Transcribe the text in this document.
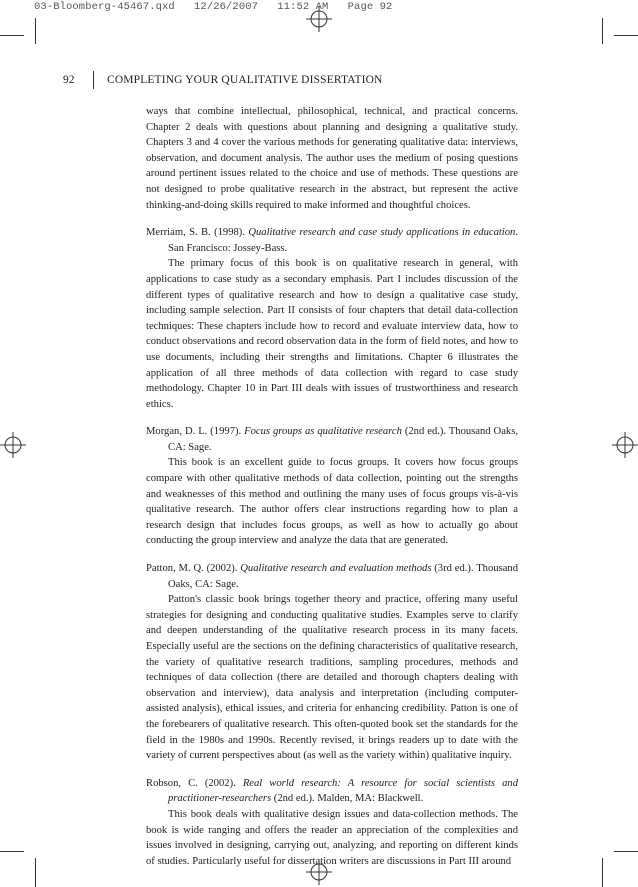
03-Bloomberg-45467.qxd   12/26/2007   11:52 AM   Page 92
92	COMPLETING YOUR QUALITATIVE DISSERTATION

ways that combine intellectual, philosophical, technical, and practical concerns. Chapter 2 deals with questions about planning and designing a qualitative study. Chapters 3 and 4 cover the various methods for generating qualitative data: interviews, observation, and document analysis. The author uses the medium of posing questions around pertinent issues related to the choice and use of methods. These questions are not designed to probe qualitative research in the abstract, but represent the active thinking-and-doing skills required to make informed and thoughtful choices.

Merriam, S. B. (1998). Qualitative research and case study applications in education. San Francisco: Jossey-Bass.

The primary focus of this book is on qualitative research in general, with applications to case study as a secondary emphasis. Part I includes discussion of the different types of qualitative research and how to design a qualitative case study, including sample selection. Part II consists of four chapters that detail data-collection techniques: These chapters include how to record and evaluate interview data, how to conduct observations and record observation data in the form of field notes, and how to use documents, including their strengths and limitations. Chapter 6 illustrates the application of all three methods of data collection with regard to case study methodology. Chapter 10 in Part III deals with issues of trustworthiness and research ethics.

Morgan, D. L. (1997). Focus groups as qualitative research (2nd ed.). Thousand Oaks, CA: Sage.

This book is an excellent guide to focus groups. It covers how focus groups compare with other qualitative methods of data collection, pointing out the strengths and weaknesses of this method and outlining the many uses of focus groups vis-à-vis qualitative research. The author offers clear instructions regarding how to plan a research design that includes focus groups, as well as how to actually go about conducting the group interview and analyze the data that are generated.

Patton, M. Q. (2002). Qualitative research and evaluation methods (3rd ed.). Thousand Oaks, CA: Sage.

Patton's classic book brings together theory and practice, offering many useful strategies for designing and conducting qualitative studies. Examples serve to clarify and deepen understanding of the qualitative research process in its many facets. Especially useful are the sections on the defining characteristics of qualitative research, the variety of qualitative research traditions, sampling procedures, methods and techniques of data collection (there are detailed and thorough chapters dealing with observation and interview), data analysis and interpretation (including computer-assisted analysis), ethical issues, and criteria for enhancing credibility. Patton is one of the forebearers of qualitative research. This often-quoted book set the standards for the field in the 1980s and 1990s. Recently revised, it brings readers up to date with the variety of current perspectives about (as well as the variety within) qualitative inquiry.

Robson, C. (2002). Real world research: A resource for social scientists and practitioner-researchers (2nd ed.). Malden, MA: Blackwell.

This book deals with qualitative design issues and data-collection methods. The book is wide ranging and offers the reader an appreciation of the complexities and issues involved in designing, carrying out, analyzing, and reporting on different kinds of studies. Particularly useful for dissertation writers are discussions in Part III around
